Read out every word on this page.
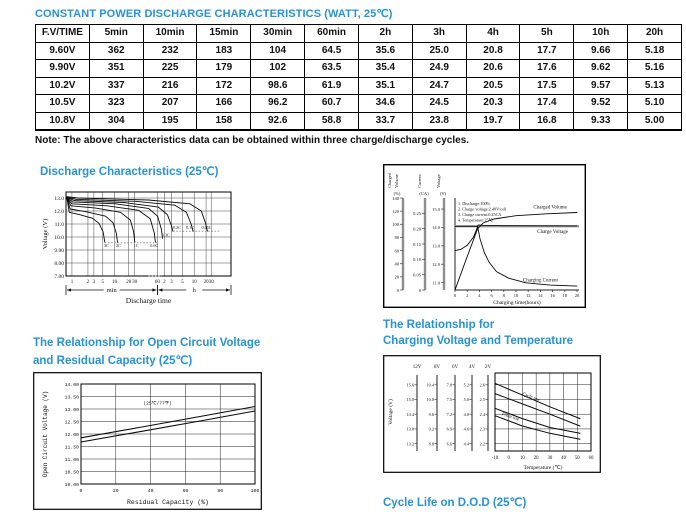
CONSTANT POWER DISCHARGE CHARACTERISTICS (WATT, 25℃)
F.V/TIME	5min	10min	15min	30min	60min	2h	3h	4h	5h	10h	20h
9.60V	362	232	183	104	64.5	35.6	25.0	20.8	17.7	9.66	5.18
9.90V	351	225	179	102	63.5	35.4	24.9	20.6	17.6	9.62	5.16
10.2V	337	216	172	98.6	61.9	35.1	24.7	20.5	17.5	9.57	5.13
10.5V	323	207	166	96.2	60.7	34.6	24.5	20.3	17.4	9.52	5.10
10.8V	304	195	158	92.6	58.8	33.7	23.8	19.7	16.8	9.33	5.00
Note: The above characteristics data can be obtained within three charge/discharge cycles.
Discharge Characteristics (25℃)
13.0
12.0
11.0
10.0
9.00
8.00
7.00
1	2 3 5 10 20 30	60 2 3 5 10 20 30
3C 2C	1C	0.6C
0.3C
0.2C 0.1C 0.05C
min	h
Discharge time
Voltage (V)
Charged Volume
(%)
140
120
100
80
60
40
20
0
Current
(CA)
0.25
0.20
0.15
0.10
0.05
0
Voltage
(V)
15.0
14.0
13.0
12.0
11.0
0 2 4 6 8 10 12 14 16 18 20
Charging time(hours)
Charged Volume
Charge Voltage
Charging Current
1. Discharge:100%
2. Charge voltage:2.40V/cell
3. Charge current:0.25CA
4. Temperature:25℃
The Relationship for Open Circuit Voltage
and Residual Capacity (25℃)
14.00
13.50
13.00
12.50
12.00
11.50
11.00
10.50
10.00
0	20	40	60	80	100
(25℃/77℉)
Residual Capacity (%)
Open Circuit Voltage (V)
The Relationship for
Charging Voltage and Temperature
12V
15.6
15.0
14.4
13.8
13.2
8V
10.4
10.0
9.6
9.2
8.8
6V
7.8
7.5
7.2
6.9
6.6
4V
5.2
5.0
4.8
4.6
4.4
2V
2.6
2.5
2.4
2.3
2.2
Cycle use
Float use
-10 0 10 20 30 40 50 60
Temperature (℃)
Voltage (V)
Cycle Life on D.O.D (25℃)
